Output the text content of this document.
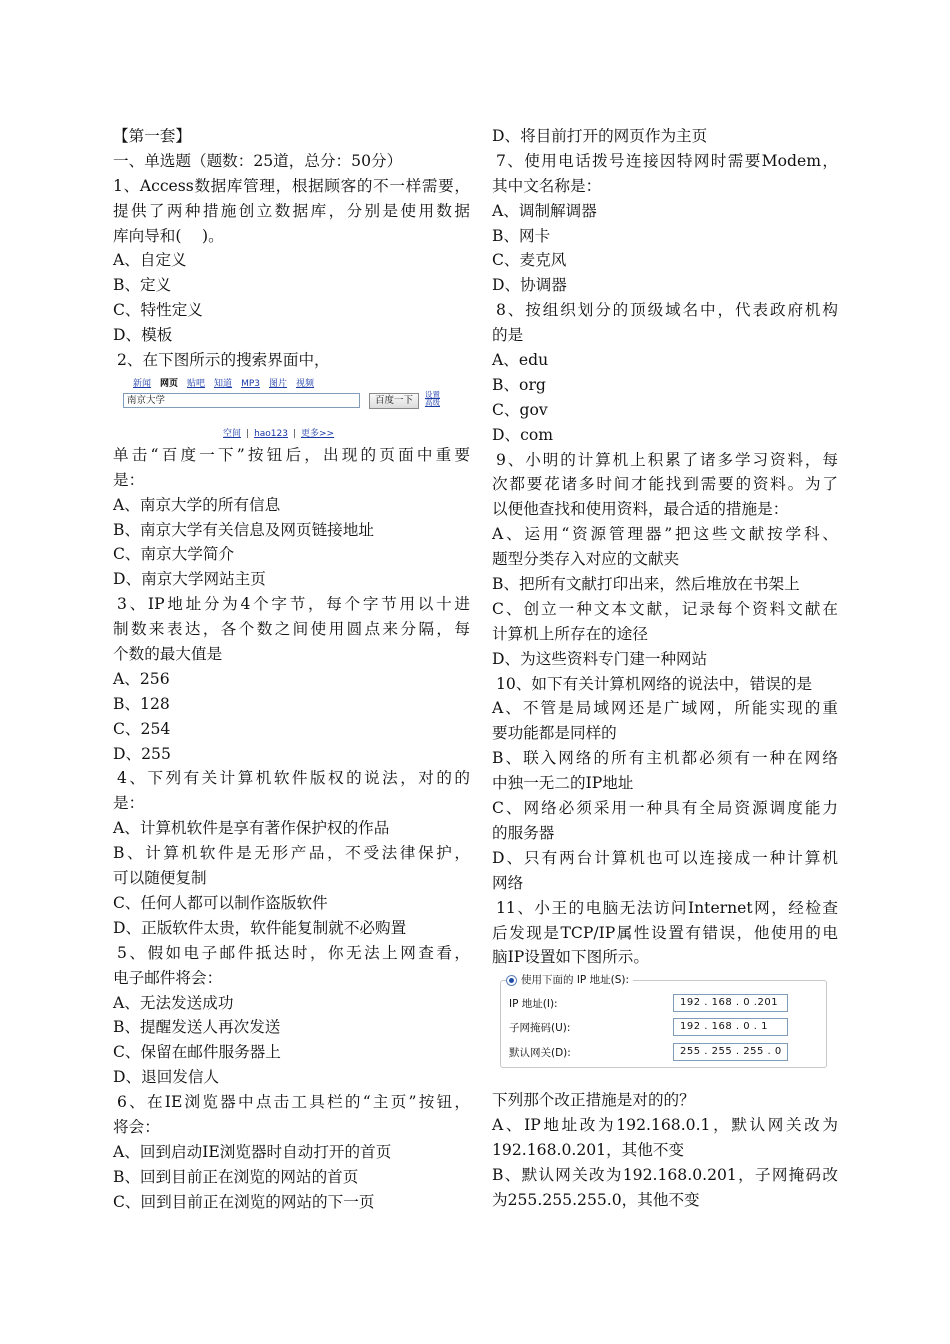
【第一套】
一、单选题（题数：25道，总分：50分）
1、Access数据库管理，根据顾客的不一样需要，
提供了两种措施创立数据库，分别是使用数据
库向导和(　 )。
A、自定义
B、定义
C、特性定义
D、模板
2、在下图所示的搜索界面中，
新闻 网页 贴吧 知道 MP3 图片 视频
南京大学	百度一下
设置 高级
空间 | hao123 | 更多>>
单击“百度一下”按钮后，出现的页面中重要
是：
A、南京大学的所有信息
B、南京大学有关信息及网页链接地址
C、南京大学简介
D、南京大学网站主页
3、IP地址分为4个字节，每个字节用以十进
制数来表达，各个数之间使用圆点来分隔，每
个数的最大值是
A、256
B、128
C、254
D、255
4、下列有关计算机软件版权的说法，对的的
是：
A、计算机软件是享有著作保护权的作品
B、计算机软件是无形产品，不受法律保护，
可以随便复制
C、任何人都可以制作盗版软件
D、正版软件太贵，软件能复制就不必购置
5、假如电子邮件抵达时，你无法上网查看，
电子邮件将会：
A、无法发送成功
B、提醒发送人再次发送
C、保留在邮件服务器上
D、退回发信人
6、在IE浏览器中点击工具栏的“主页”按钮，
将会：
A、回到启动IE浏览器时自动打开的首页
B、回到目前正在浏览的网站的首页
C、回到目前正在浏览的网站的下一页
D、将目前打开的网页作为主页
7、使用电话拨号连接因特网时需要Modem，
其中文名称是：
A、调制解调器
B、网卡
C、麦克风
D、协调器
8、按组织划分的顶级域名中，代表政府机构
的是
A、edu
B、org
C、gov
D、com
9、小明的计算机上积累了诸多学习资料，每
次都要花诸多时间才能找到需要的资料。为了
以便他查找和使用资料，最合适的措施是：
A、运用“资源管理器”把这些文献按学科、
题型分类存入对应的文献夹
B、把所有文献打印出来，然后堆放在书架上
C、创立一种文本文献，记录每个资料文献在
计算机上所存在的途径
D、为这些资料专门建一种网站
10、如下有关计算机网络的说法中，错误的是
A、不管是局域网还是广域网，所能实现的重
要功能都是同样的
B、联入网络的所有主机都必须有一种在网络
中独一无二的IP地址
C、网络必须采用一种具有全局资源调度能力
的服务器
D、只有两台计算机也可以连接成一种计算机
网络
11、小王的电脑无法访问Internet网，经检查
后发现是TCP/IP属性设置有错误，他使用的电
脑IP设置如下图所示。
使用下面的 IP 地址(S):
IP 地址(I):	192 . 168 . 0 .201
子网掩码(U):	192 . 168 . 0 . 1
默认网关(D):	255 . 255 . 255 . 0
下列那个改正措施是对的的？
A、IP地址改为192.168.0.1，默认网关改为
192.168.0.201，其他不变
B、默认网关改为192.168.0.201，子网掩码改
为255.255.255.0，其他不变
